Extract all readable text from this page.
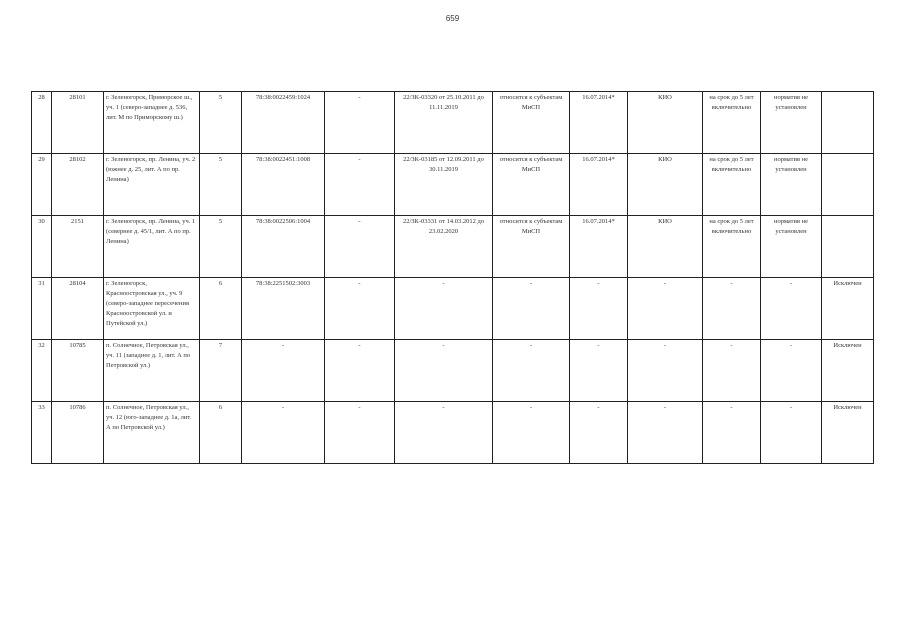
659
28	28101	г. Зеленогорск, Приморское ш., уч. 1 (северо-западнее д. 536, лит. М по Приморскому ш.)	5	78:38:0022459:1024	-	22/ЗК-03320 от 25.10.2011 до 11.11.2019	относится к субъектам МиСП	16.07.2014*	КИО	на срок до 5 лет включительно	норматив не установлен	
29	28102	г. Зеленогорск, пр. Ленина, уч. 2 (южнее д. 25, лит. А по пр. Ленина)	5	78:38:0022451:1008	-	22/ЗК-03185 от 12.09.2011 до 30.11.2019	относится к субъектам МиСП	16.07.2014*	КИО	на срок до 5 лет включительно	норматив не установлен	
30	2151	г. Зеленогорск, пр. Ленина, уч. 1 (севернее д. 45/1, лит. А по пр. Ленина)	5	78:38:0022506:1004	-	22/ЗК-03331 от 14.03.2012 до 23.02.2020	относится к субъектам МиСП	16.07.2014*	КИО	на срок до 5 лет включительно	норматив не установлен	
31	28104	г. Зеленогорск, Красноостровская ул., уч. 9 (северо-западнее пересечения Красноостровской ул. и Путейской ул.)	6	78:38:2251502:3003	-	-	-	-	-	-	-	Исключен
32	10785	п. Солнечное, Петровская ул., уч. 11 (западнее д. 1, лит. А по Петровской ул.)	7	-	-	-	-	-	-	-	-	Исключен
33	10786	п. Солнечное, Петровская ул., уч. 12 (юго-западнее д. 1а, лит. А по Петровской ул.)	6	-	-	-	-	-	-	-	-	Исключен
